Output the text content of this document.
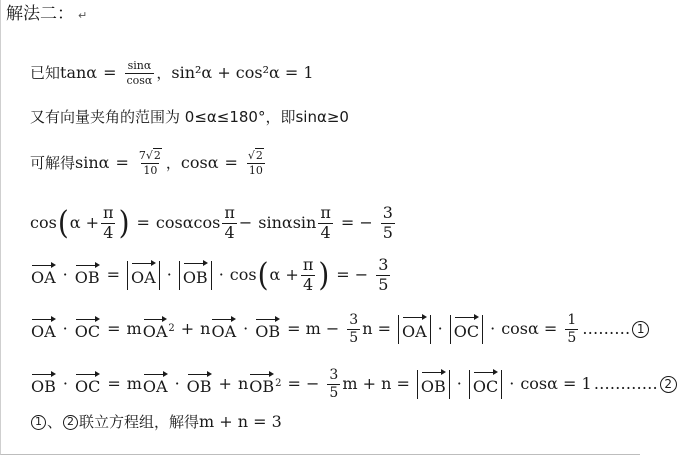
解法二： ↵
已知 $\tan\alpha = \frac{\sin\alpha}{\cos\alpha}$ ， sin²α + cos²α = 1
又有向量夹角的范围为 0≤α≤180°，即sinα≥0
可解得 $\sin\alpha = \frac{7√2}{10}$ ， $\cos\alpha = \frac{√2}{10}$
cos ( $\alpha + \frac{\pi}{4}$ ) = cosαcos $\frac{\pi}{4} - \sin\alpha\sin \frac{\pi}{4}$ = − $\frac{3}{5}$
OA · OB = OA · OB · cos ( $\alpha + \frac{\pi}{4}$ ) = − $\frac{3}{5}$
OA · OC = m OA 2 + n OA · OB = $m - \frac{3}{5}$ n = OA · OC · $\cos\alpha = \frac{1}{5}$ ……… 1
OB · OC = m OA · OB + n OB 2 = − $\frac{3}{5}$ m + n = OB · OC · cosα = 1 ………… 2
1 、 2 联立方程组，解得 m + n = 3
